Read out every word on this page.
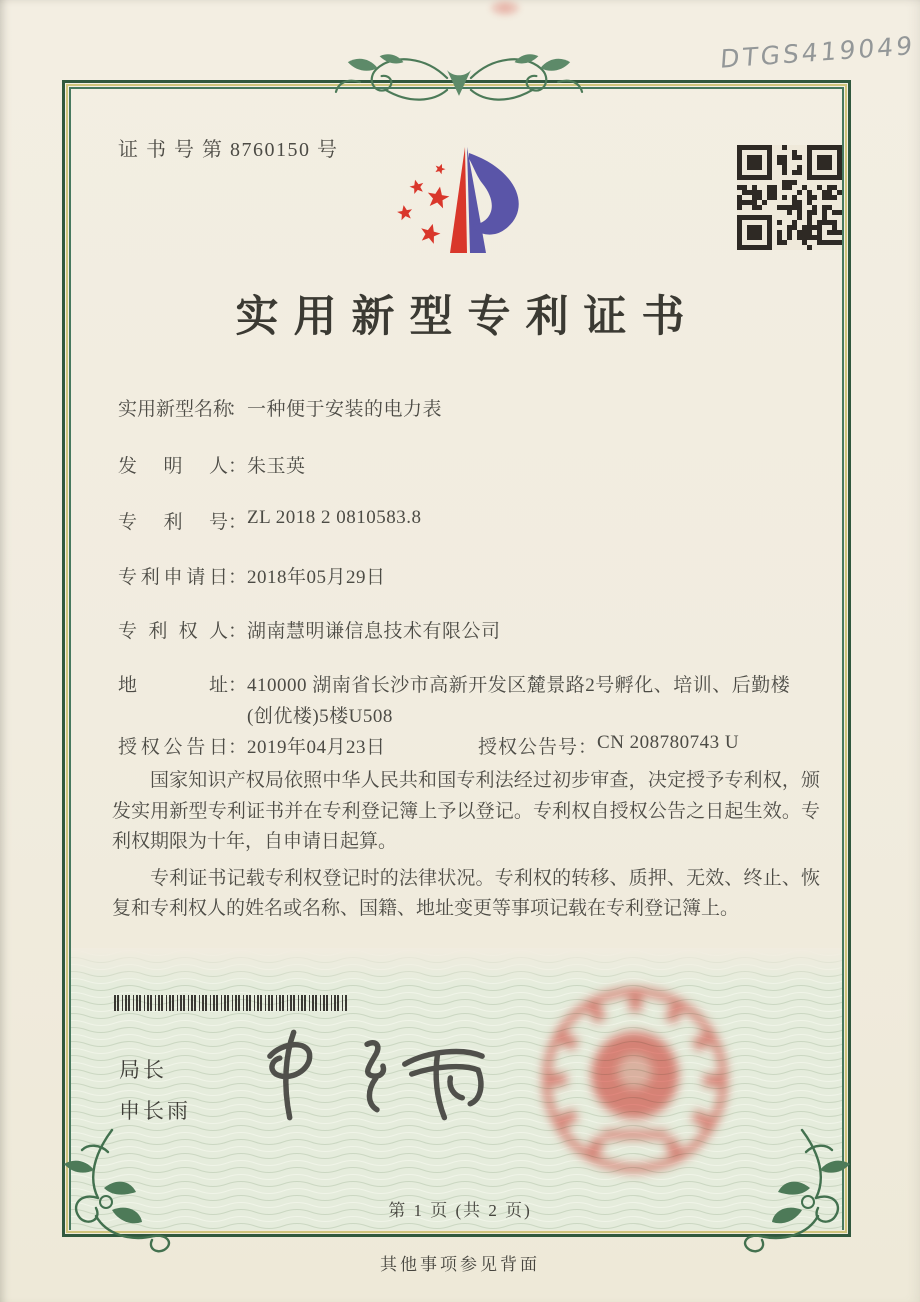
DTGS419049
证 书 号 第 8760150 号
实用新型专利证书
实用新型名称：一种便于安装的电力表
发明人：朱玉英
专利号：ZL 2018 2 0810583.8
专利申请日：2018年05月29日
专利权人：湖南慧明谦信息技术有限公司
地址：410000 湖南省长沙市高新开发区麓景路2号孵化、培训、后勤楼(创优楼)5楼U508
授权公告日：2019年04月23日	授权公告号：CN 208780743 U

国家知识产权局依照中华人民共和国专利法经过初步审查，决定授予专利权，颁发实用新型专利证书并在专利登记簿上予以登记。专利权自授权公告之日起生效。专利权期限为十年，自申请日起算。

专利证书记载专利权登记时的法律状况。专利权的转移、质押、无效、终止、恢复和专利权人的姓名或名称、国籍、地址变更等事项记载在专利登记簿上。

局长
申长雨
第 1 页 (共 2 页)
其他事项参见背面
